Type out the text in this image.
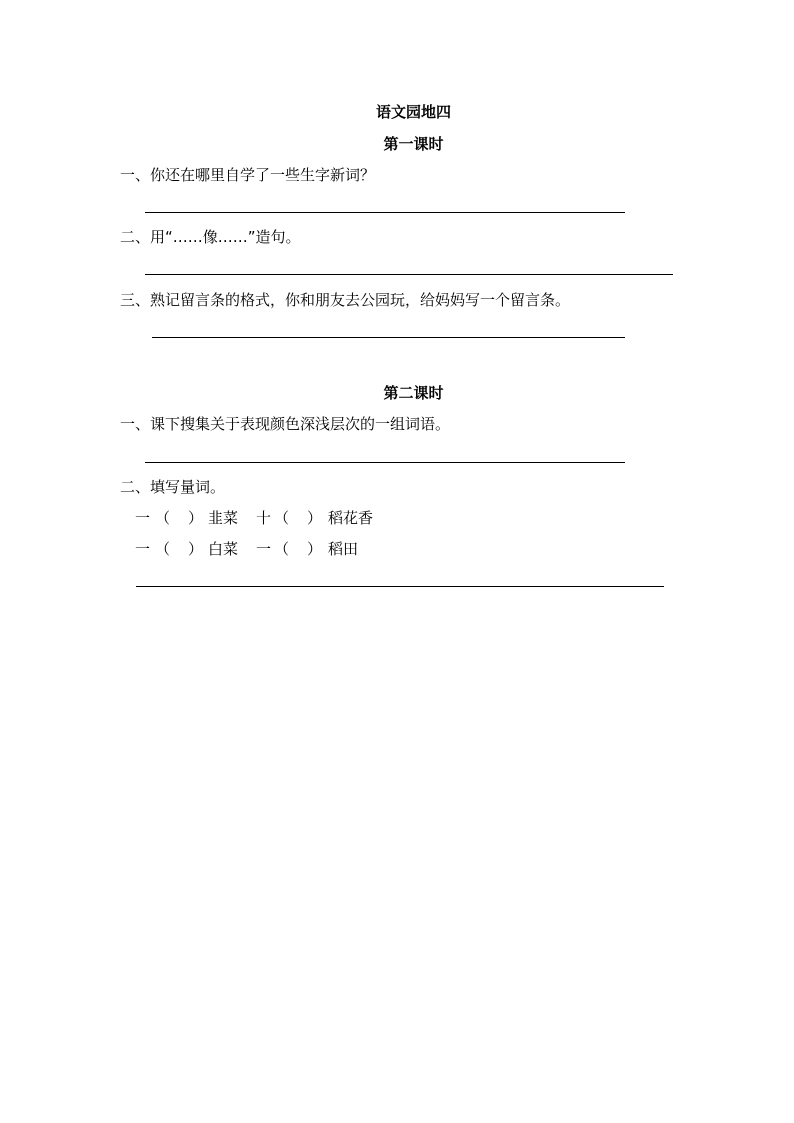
语文园地四
第一课时
一、你还在哪里自学了一些生字新词？
二、用“……像……”造句。
三、熟记留言条的格式，你和朋友去公园玩，给妈妈写一个留言条。
第二课时
一、课下搜集关于表现颜色深浅层次的一组词语。
二、填写量词。
一 （ ） 韭菜 十 （ ） 稻花香
一 （ ） 白菜 一 （ ） 稻田
